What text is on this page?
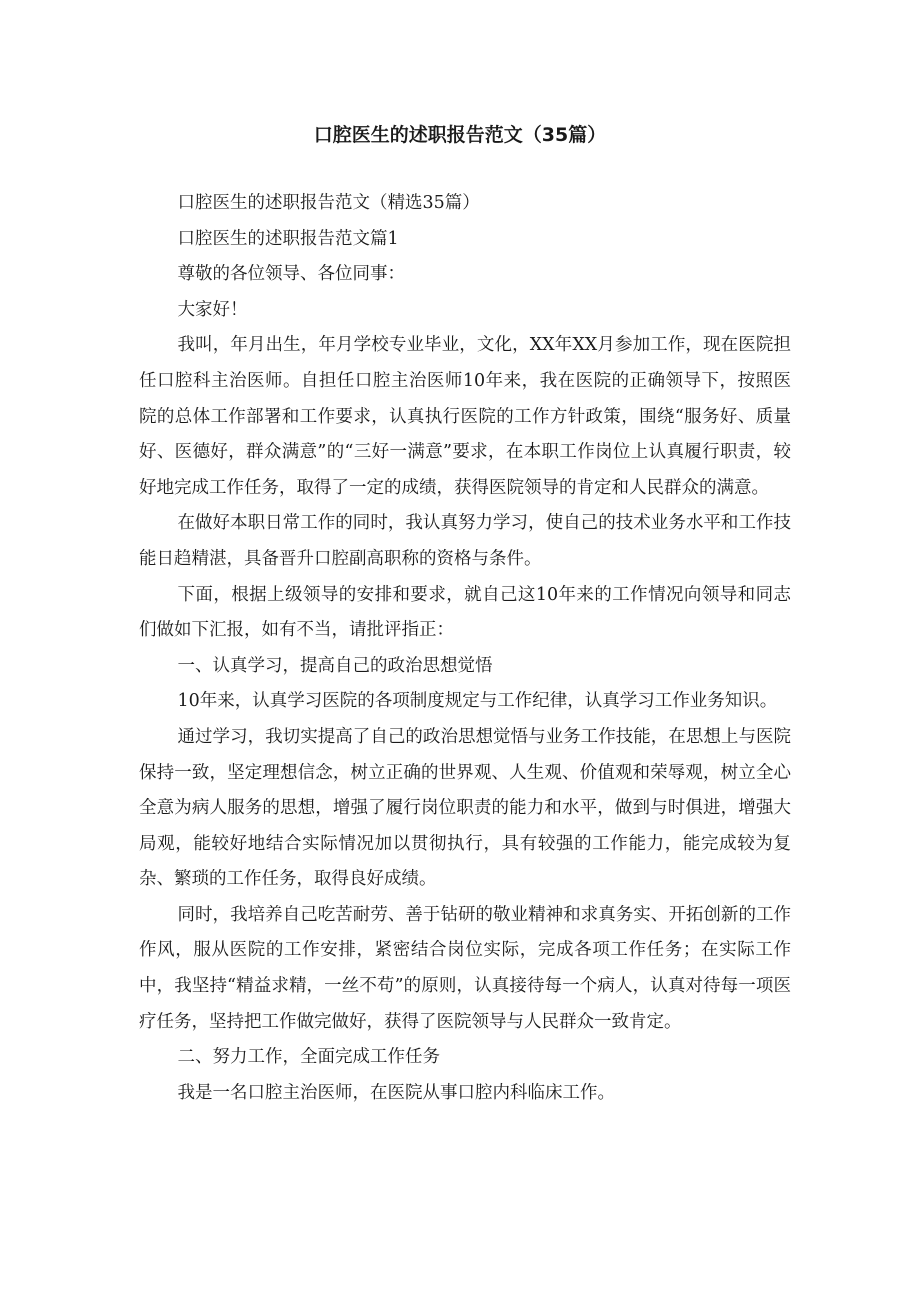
口腔医生的述职报告范文（35篇）

口腔医生的述职报告范文（精选35篇）

口腔医生的述职报告范文篇1

尊敬的各位领导、各位同事：

大家好！

我叫，年月出生，年月学校专业毕业，文化，XX年XX月参加工作，现在医院担任口腔科主治医师。自担任口腔主治医师10年来，我在医院的正确领导下，按照医院的总体工作部署和工作要求，认真执行医院的工作方针政策，围绕“服务好、质量好、医德好，群众满意”的“三好一满意”要求，在本职工作岗位上认真履行职责，较好地完成工作任务，取得了一定的成绩，获得医院领导的肯定和人民群众的满意。

在做好本职日常工作的同时，我认真努力学习，使自己的技术业务水平和工作技能日趋精湛，具备晋升口腔副高职称的资格与条件。

下面，根据上级领导的安排和要求，就自己这10年来的工作情况向领导和同志们做如下汇报，如有不当，请批评指正：

一、认真学习，提高自己的政治思想觉悟

10年来，认真学习医院的各项制度规定与工作纪律，认真学习工作业务知识。

通过学习，我切实提高了自己的政治思想觉悟与业务工作技能，在思想上与医院保持一致，坚定理想信念，树立正确的世界观、人生观、价值观和荣辱观，树立全心全意为病人服务的思想，增强了履行岗位职责的能力和水平，做到与时俱进，增强大局观，能较好地结合实际情况加以贯彻执行，具有较强的工作能力，能完成较为复杂、繁琐的工作任务，取得良好成绩。

同时，我培养自己吃苦耐劳、善于钻研的敬业精神和求真务实、开拓创新的工作作风，服从医院的工作安排，紧密结合岗位实际，完成各项工作任务；在实际工作中，我坚持“精益求精，一丝不苟”的原则，认真接待每一个病人，认真对待每一项医疗任务，坚持把工作做完做好，获得了医院领导与人民群众一致肯定。

二、努力工作，全面完成工作任务

我是一名口腔主治医师，在医院从事口腔内科临床工作。
